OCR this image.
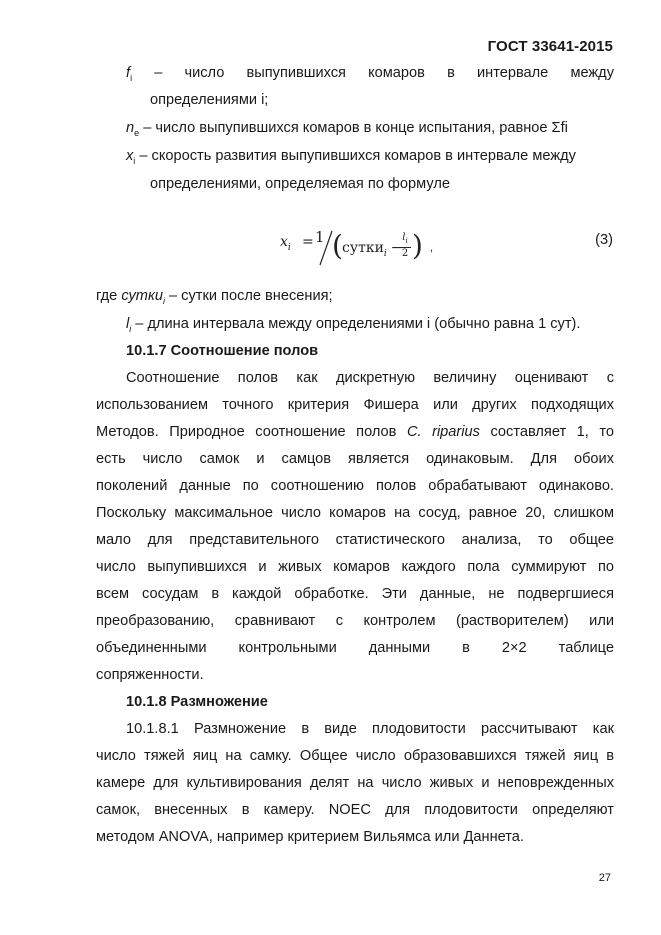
ГОСТ 33641-2015
$f_i$ – число выпупившихся комаров в интервале между
определениями i;
$n_e$ – число выпупившихся комаров в конце испытания, равное Σfi
$x_i$ – скорость развития выпупившихся комаров в интервале между
определениями, определяемая по формуле
$x_i = 1$ ( сутки$_i$ −
$\frac{l_i}{2}$ ) ,	(3)
где сутки$_i$ – сутки после внесения;
$l_i$ – длина интервала между определениями i (обычно равна 1 сут).
10.1.7 Соотношение полов
Соотношение полов как дискретную величину оценивают с
использованием точного критерия Фишера или других подходящих
Методов. Природное соотношение полов C. riparius составляет 1, то
есть число самок и самцов является одинаковым. Для обоих
поколений данные по соотношению полов обрабатывают одинаково.
Поскольку максимальное число комаров на сосуд, равное 20, слишком
мало для представительного статистического анализа, то общее
число выпупившихся и живых комаров каждого пола суммируют по
всем сосудам в каждой обработке. Эти данные, не подвергшиеся
преобразованию, сравнивают с контролем (растворителем) или
объединенными контрольными данными в 2×2 таблице
сопряженности.
10.1.8 Размножение
10.1.8.1 Размножение в виде плодовитости рассчитывают как
число тяжей яиц на самку. Общее число образовавшихся тяжей яиц в
камере для культивирования делят на число живых и неповрежденных
самок, внесенных в камеру. NOEC для плодовитости определяют
методом ANOVA, например критерием Вильямса или Даннета.
27
